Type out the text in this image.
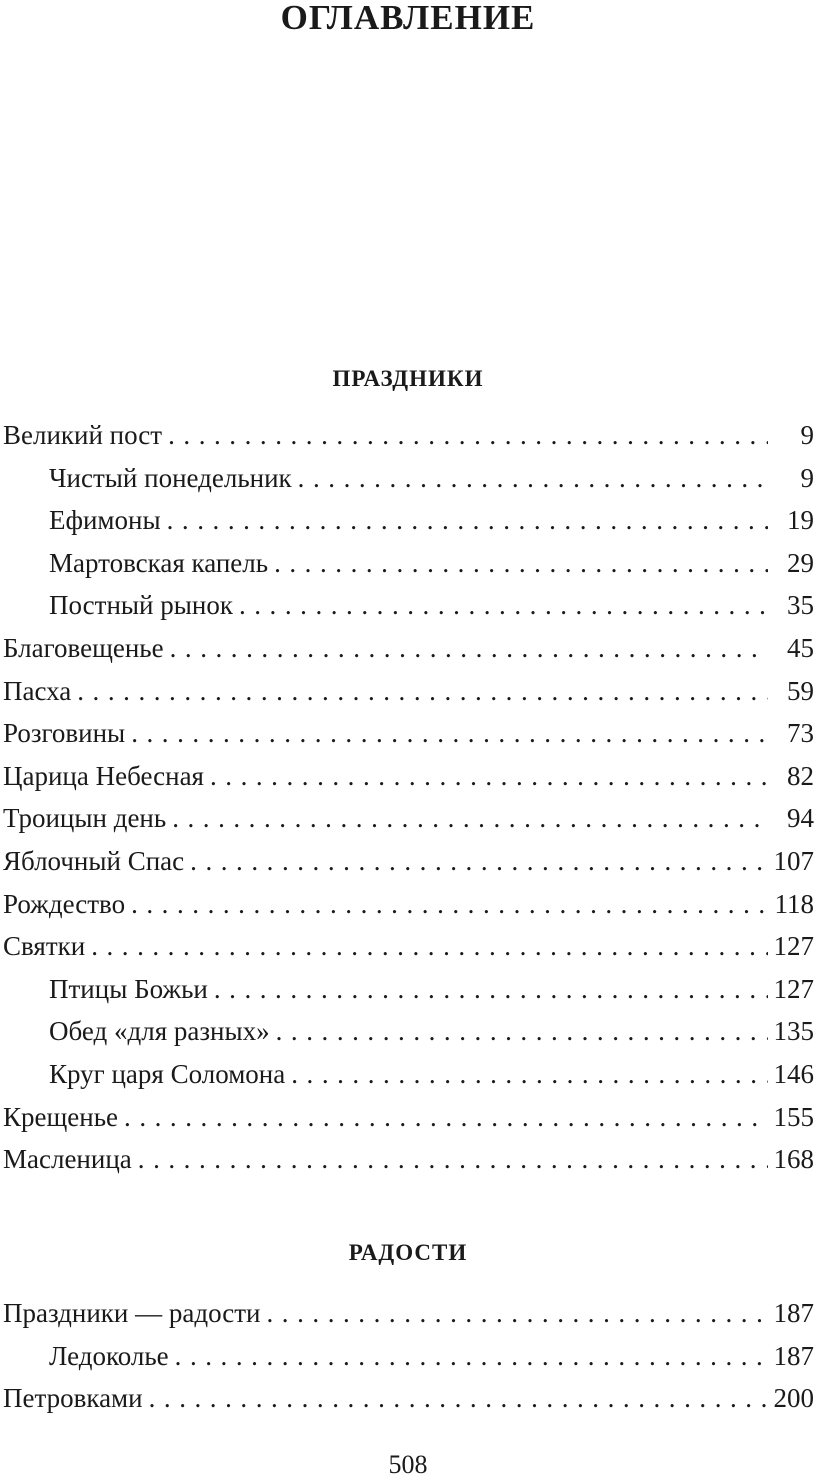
ОГЛАВЛЕНИЕ
ПРАЗДНИКИ
Великий пост . . .	9
Чистый понедельник . . .	9
Ефимоны . . .	19
Мартовская капель . . .	29
Постный рынок . . .	35
Благовещенье . . .	45
Пасха . . .	59
Розговины . . .	73
Царица Небесная . . .	82
Троицын день . . .	94
Яблочный Спас . . .	107
Рождество . . .	118
Святки . . .	127
Птицы Божьи . . .	127
Обед «для разных» . . .	135
Круг царя Соломона . . .	146
Крещенье . . .	155
Масленица . . .	168
РАДОСТИ
Праздники — радости . . .	187
Ледоколье . . .	187
Петровками . . .	200
508
